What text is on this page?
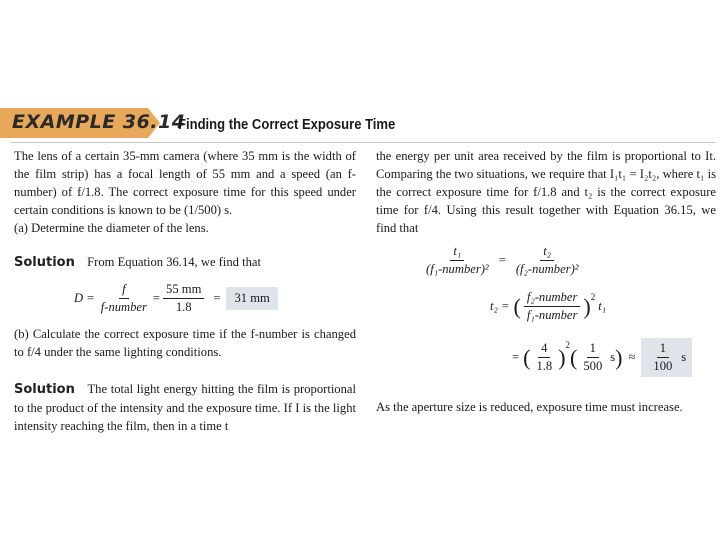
EXAMPLE 36.14
Finding the Correct Exposure Time
The lens of a certain 35-mm camera (where 35 mm is the width of the film strip) has a focal length of 55 mm and a speed (an f-number) of f/1.8. The correct exposure time for this speed under certain conditions is known to be (1/500) s.
(a) Determine the diameter of the lens.
Solution From Equation 36.14, we find that
$D = \frac{f}{\text{f-number}} = \frac{55 mm}{1.8}$ =	31 mm
(b) Calculate the correct exposure time if the f-number is changed to f/4 under the same lighting conditions.
Solution The total light energy hitting the film is proportional to the product of the intensity and the exposure time. If I is the light intensity reaching the film, then in a time t
the energy per unit area received by the film is proportional to It. Comparing the two situations, we require that I₁t₁ = I₂t₂, where t₁ is the correct exposure time for f/1.8 and t₂ is the correct exposure time for f/4. Using this result together with Equation 36.15, we find that
$\frac{\text{t₁}}{\text{(f₁-number)²}} = \frac{\text{t₂}}{\text{(f₂-number)²}}$
t₂ = ( $\frac{\text{f₂-number}}{\text{f₁-number}} )^2$
t₁
= ( $\frac{4}{1.8} )^2$ ( $\frac{1}{500}$ s ) ≈ $\frac{1}{100}$ s
As the aperture size is reduced, exposure time must increase.
